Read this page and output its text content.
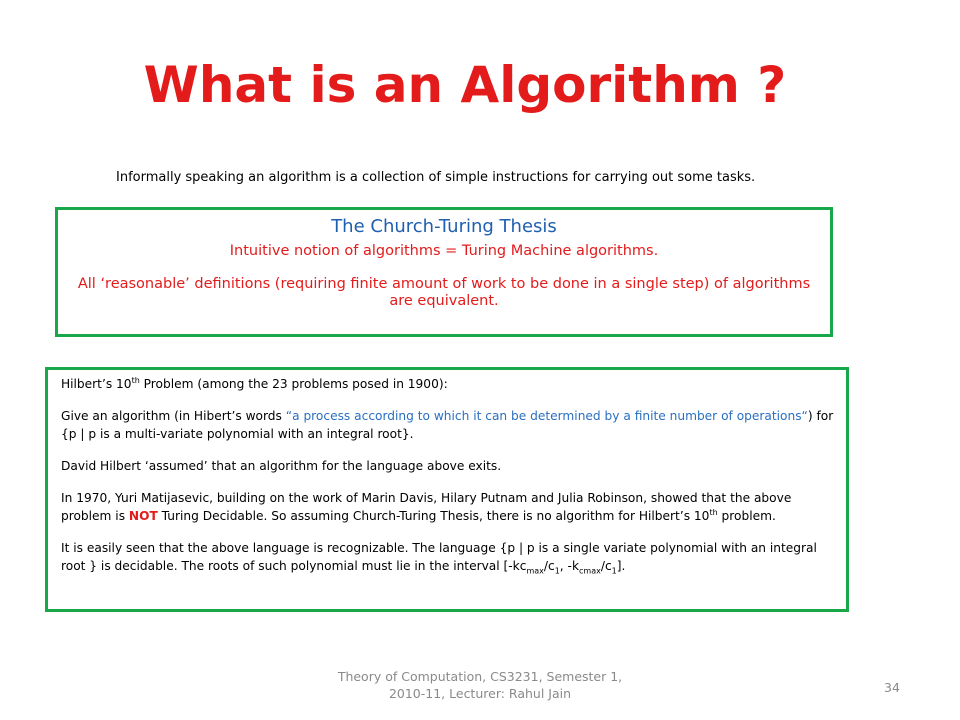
What is an Algorithm ?
Informally speaking an algorithm is a collection of simple instructions for carrying out some tasks.
The Church-Turing Thesis
Intuitive notion of algorithms = Turing Machine algorithms.
All ‘reasonable’ definitions (requiring finite amount of work to be done in a single step) of algorithms are equivalent.

Hilbert’s 10th Problem (among the 23 problems posed in 1900):

Give an algorithm (in Hibert’s words “a process according to which it can be determined by a finite number of operations“) for {p | p is a multi-variate polynomial with an integral root}.

David Hilbert ‘assumed’ that an algorithm for the language above exits.

In 1970, Yuri Matijasevic, building on the work of Marin Davis, Hilary Putnam and Julia Robinson, showed that the above problem is NOT Turing Decidable. So assuming Church-Turing Thesis, there is no algorithm for Hilbert’s 10th problem.

It is easily seen that the above language is recognizable. The language {p | p is a single variate polynomial with an integral root } is decidable. The roots of such polynomial must lie in the interval [$-kc_{max}/c_1$, $-k_{cmax}/c_1$].

Theory of Computation, CS3231, Semester 1, 2010-11, Lecturer: Rahul Jain	34
